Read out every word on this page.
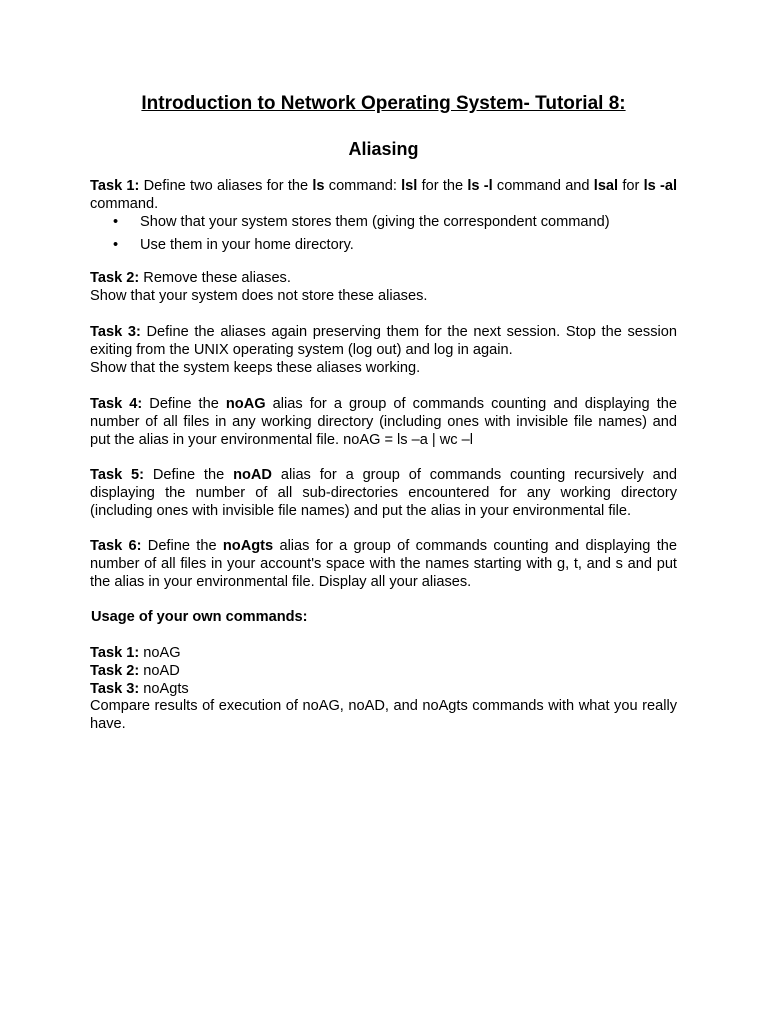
Introduction to Network Operating System- Tutorial 8:
Aliasing

Task 1: Define two aliases for the ls command: lsl for the ls -l command and lsal for ls -al command.

• Show that your system stores them (giving the correspondent command)
• Use them in your home directory.

Task 2: Remove these aliases.

Show that your system does not store these aliases.

Task 3: Define the aliases again preserving them for the next session. Stop the session exiting from the UNIX operating system (log out) and log in again.

Show that the system keeps these aliases working.

Task 4: Define the noAG alias for a group of commands counting and displaying the number of all files in any working directory (including ones with invisible file names) and put the alias in your environmental file. noAG = ls –a | wc –l

Task 5: Define the noAD alias for a group of commands counting recursively and displaying the number of all sub-directories encountered for any working directory (including ones with invisible file names) and put the alias in your environmental file.

Task 6: Define the noAgts alias for a group of commands counting and displaying the number of all files in your account's space with the names starting with g, t, and s and put the alias in your environmental file. Display all your aliases.

Usage of your own commands:

Task 1: noAG

Task 2: noAD

Task 3: noAgts

Compare results of execution of noAG, noAD, and noAgts commands with what you really have.
